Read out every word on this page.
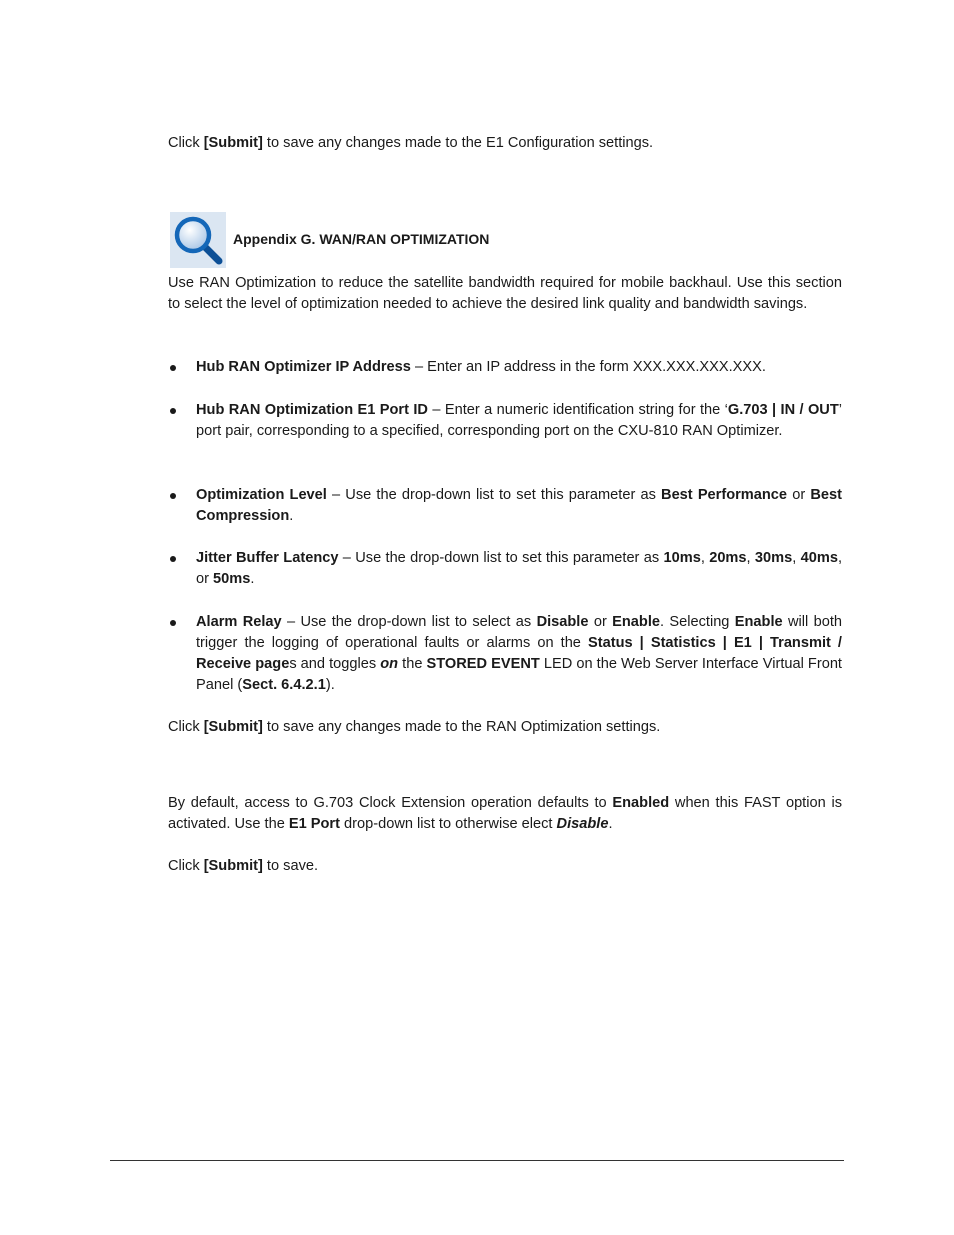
Click [Submit] to save any changes made to the E1 Configuration settings.

Appendix G. WAN/RAN OPTIMIZATION

Use RAN Optimization to reduce the satellite bandwidth required for mobile backhaul. Use this section to select the level of optimization needed to achieve the desired link quality and bandwidth savings.

Hub RAN Optimizer IP Address – Enter an IP address in the form XXX.XXX.XXX.XXX.

Hub RAN Optimization E1 Port ID – Enter a numeric identification string for the ‘G.703 | IN / OUT’ port pair, corresponding to a specified, corresponding port on the CXU-810 RAN Optimizer.

Optimization Level – Use the drop-down list to set this parameter as Best Performance or Best Compression.

Jitter Buffer Latency – Use the drop-down list to set this parameter as 10ms, 20ms, 30ms, 40ms, or 50ms.

Alarm Relay – Use the drop-down list to select as Disable or Enable. Selecting Enable will both trigger the logging of operational faults or alarms on the Status | Statistics | E1 | Transmit / Receive pages and toggles on the STORED EVENT LED on the Web Server Interface Virtual Front Panel (Sect. 6.4.2.1).

Click [Submit] to save any changes made to the RAN Optimization settings.

By default, access to G.703 Clock Extension operation defaults to Enabled when this FAST option is activated. Use the E1 Port drop-down list to otherwise elect Disable.

Click [Submit] to save.
